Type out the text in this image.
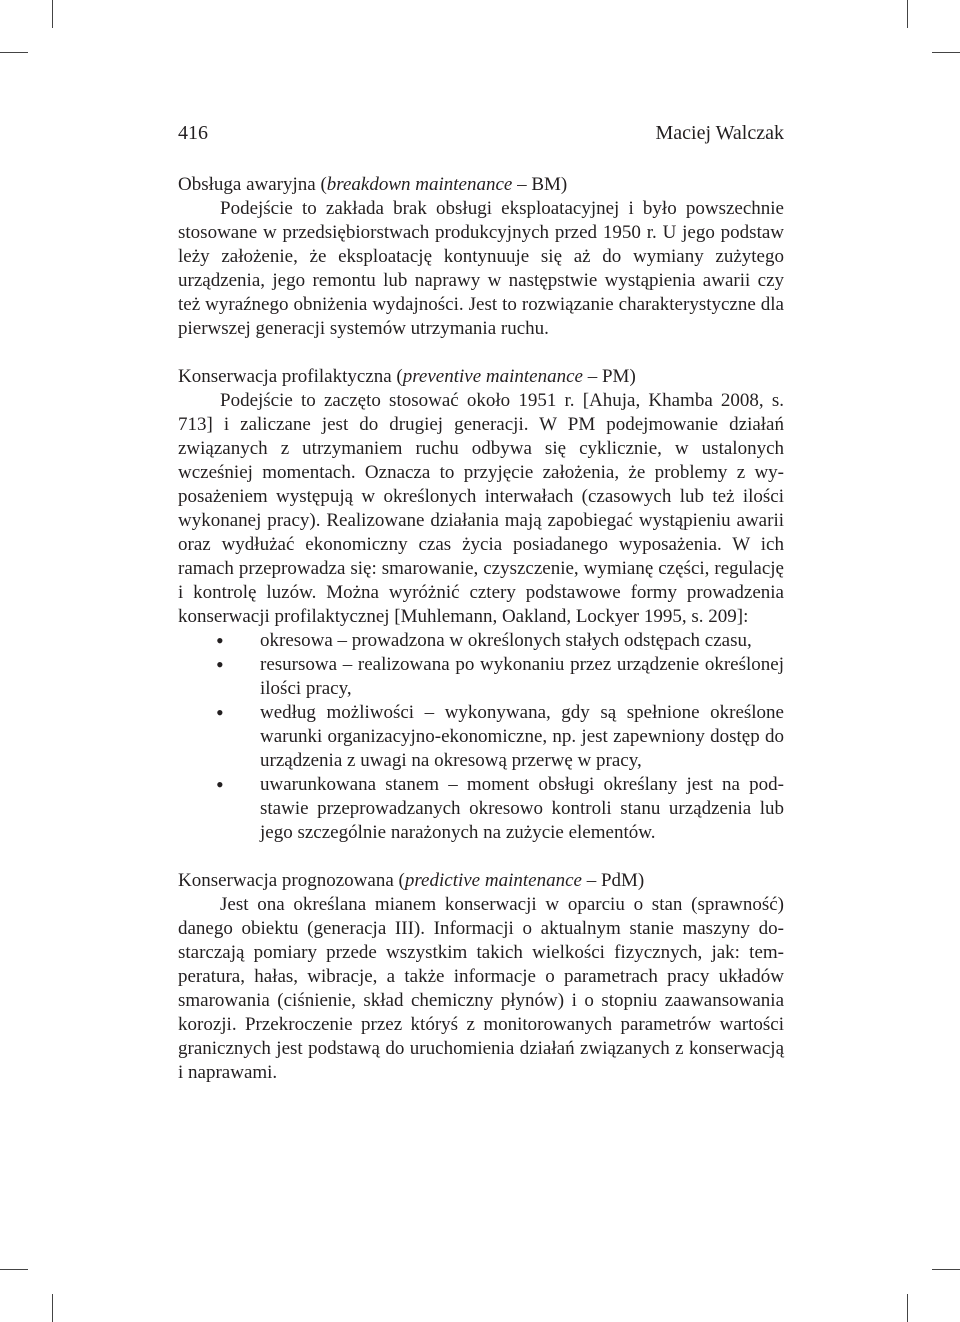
416	Maciej Walczak

Obsługa awaryjna (breakdown maintenance – BM)

Podejście to zakłada brak obsługi eksploatacyjnej i było powszechnie stosowane w przedsiębiorstwach produkcyjnych przed 1950 r. U jego podstaw leży założenie, że eksploatację kontynuuje się aż do wymiany zużytego urządzenia, jego remontu lub naprawy w następstwie wystąpienia awarii czy też wyraźnego obniżenia wydajności. Jest to rozwiązanie charakterystyczne dla pierwszej generacji systemów utrzymania ruchu.

Konserwacja profilaktyczna (preventive maintenance – PM)

Podejście to zaczęto stosować około 1951 r. [Ahuja, Khamba 2008, s. 713] i zaliczane jest do drugiej generacji. W PM podejmowanie działań związanych z utrzymaniem ruchu odbywa się cyklicznie, w ustalonych wcześniej momentach. Oznacza to przyjęcie założenia, że problemy z wyposażeniem występują w określonych interwałach (czasowych lub też ilości wykonanej pracy). Realizowane działania mają zapobiegać wystąpieniu awarii oraz wydłużać ekonomiczny czas życia posiadanego wyposażenia. W ich ramach przeprowadza się: smarowanie, czyszczenie, wymianę części, regulację i kontrolę luzów. Można wyróżnić cztery podstawowe formy prowadzenia konserwacji profilaktycznej [Muhlemann, Oakland, Lockyer 1995, s. 209]:

• okresowa – prowadzona w określonych stałych odstępach czasu,
• resursowa – realizowana po wykonaniu przez urządzenie określonej ilości pracy,
• według możliwości – wykonywana, gdy są spełnione określone warunki organizacyjno-ekonomiczne, np. jest zapewniony dostęp do urządzenia z uwagi na okresową przerwę w pracy,
• uwarunkowana stanem – moment obsługi określany jest na podstawie przeprowadzanych okresowo kontroli stanu urządzenia lub jego szczególnie narażonych na zużycie elementów.

Konserwacja prognozowana (predictive maintenance – PdM)

Jest ona określana mianem konserwacji w oparciu o stan (sprawność) danego obiektu (generacja III). Informacji o aktualnym stanie maszyny dostarczają pomiary przede wszystkim takich wielkości fizycznych, jak: temperatura, hałas, wibracje, a także informacje o parametrach pracy układów smarowania (ciśnienie, skład chemiczny płynów) i o stopniu zaawansowania korozji. Przekroczenie przez któryś z monitorowanych parametrów wartości granicznych jest podstawą do uruchomienia działań związanych z konserwacją i naprawami.
